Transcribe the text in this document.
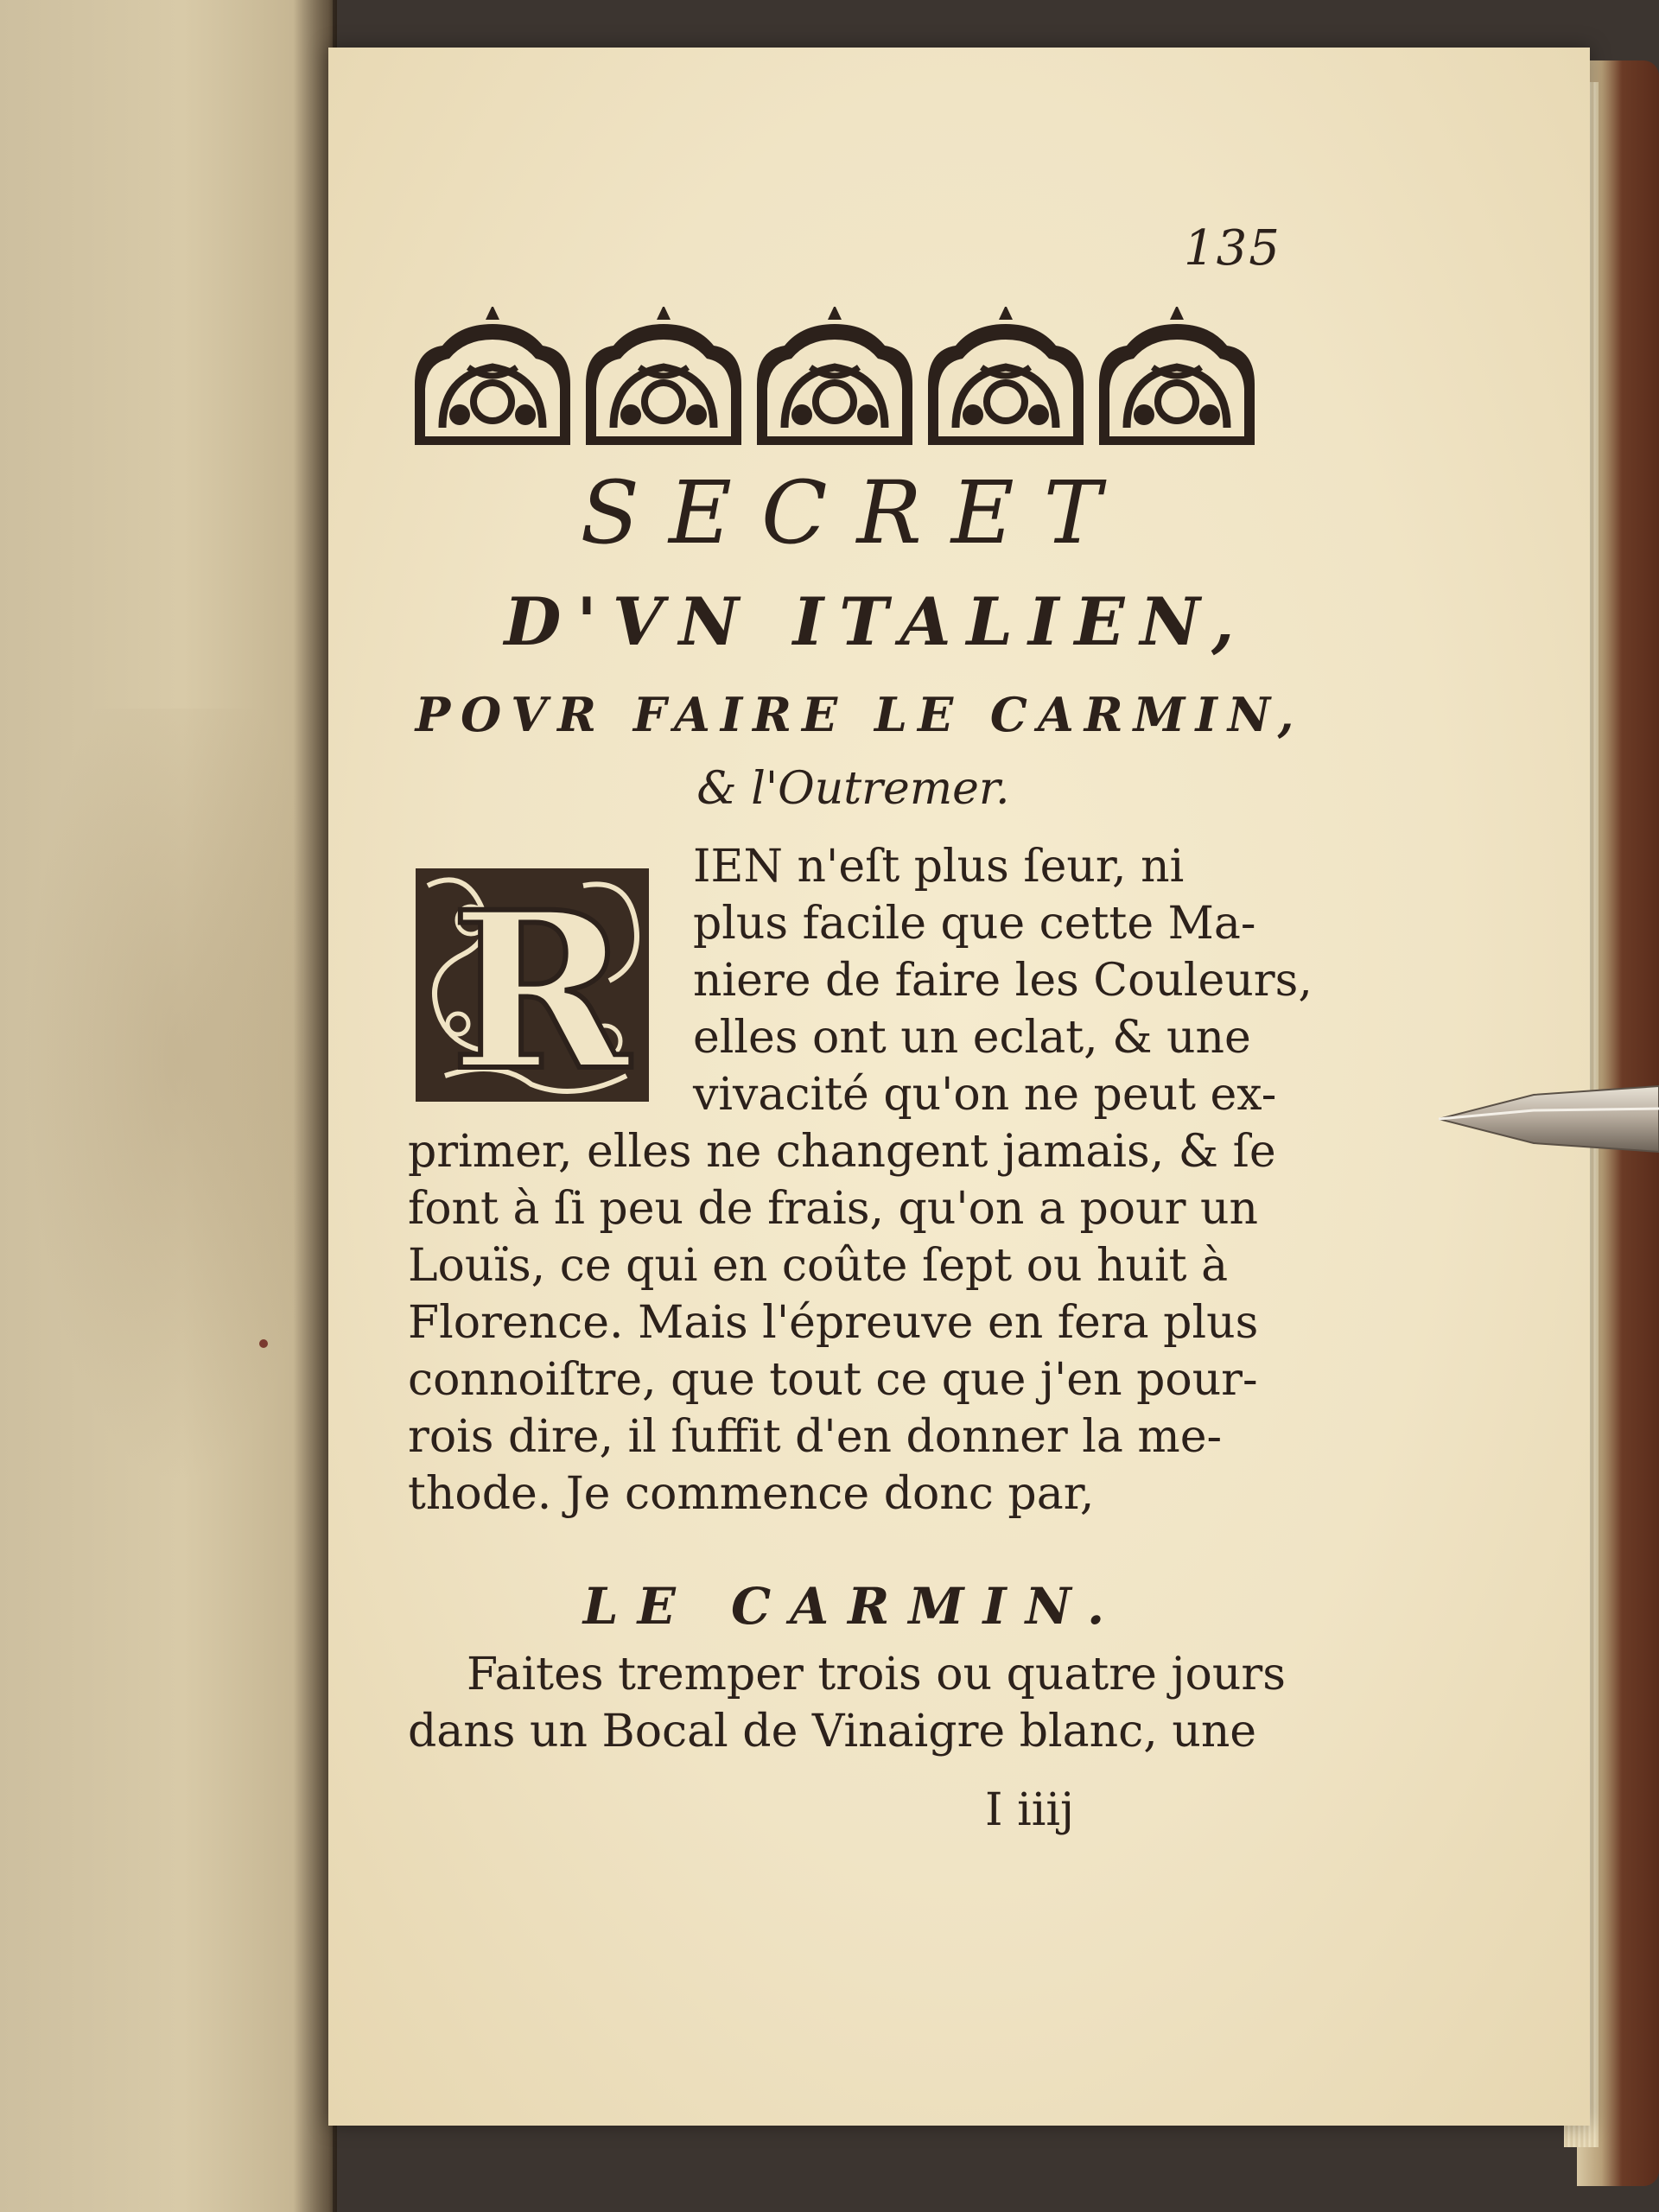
135
SECRET
D'VN ITALIEN,
POVR FAIRE LE CARMIN,
& l'Outremer.
R IEN n'eſt plus ſeur, ni
plus facile que cette Ma-
niere de faire les Couleurs,
elles ont un eclat, & une
vivacité qu'on ne peut ex-
primer, elles ne changent jamais, & ſe
font à ſi peu de frais, qu'on a pour un
Louïs, ce qui en coûte ſept ou huit à
Florence. Mais l'épreuve en fera plus
connoiſtre, que tout ce que j'en pour-
rois dire, il ſuffit d'en donner la me-
thode. Je commence donc par,
LE CARMIN.
Faites tremper trois ou quatre jours
dans un Bocal de Vinaigre blanc, une
I iiij
